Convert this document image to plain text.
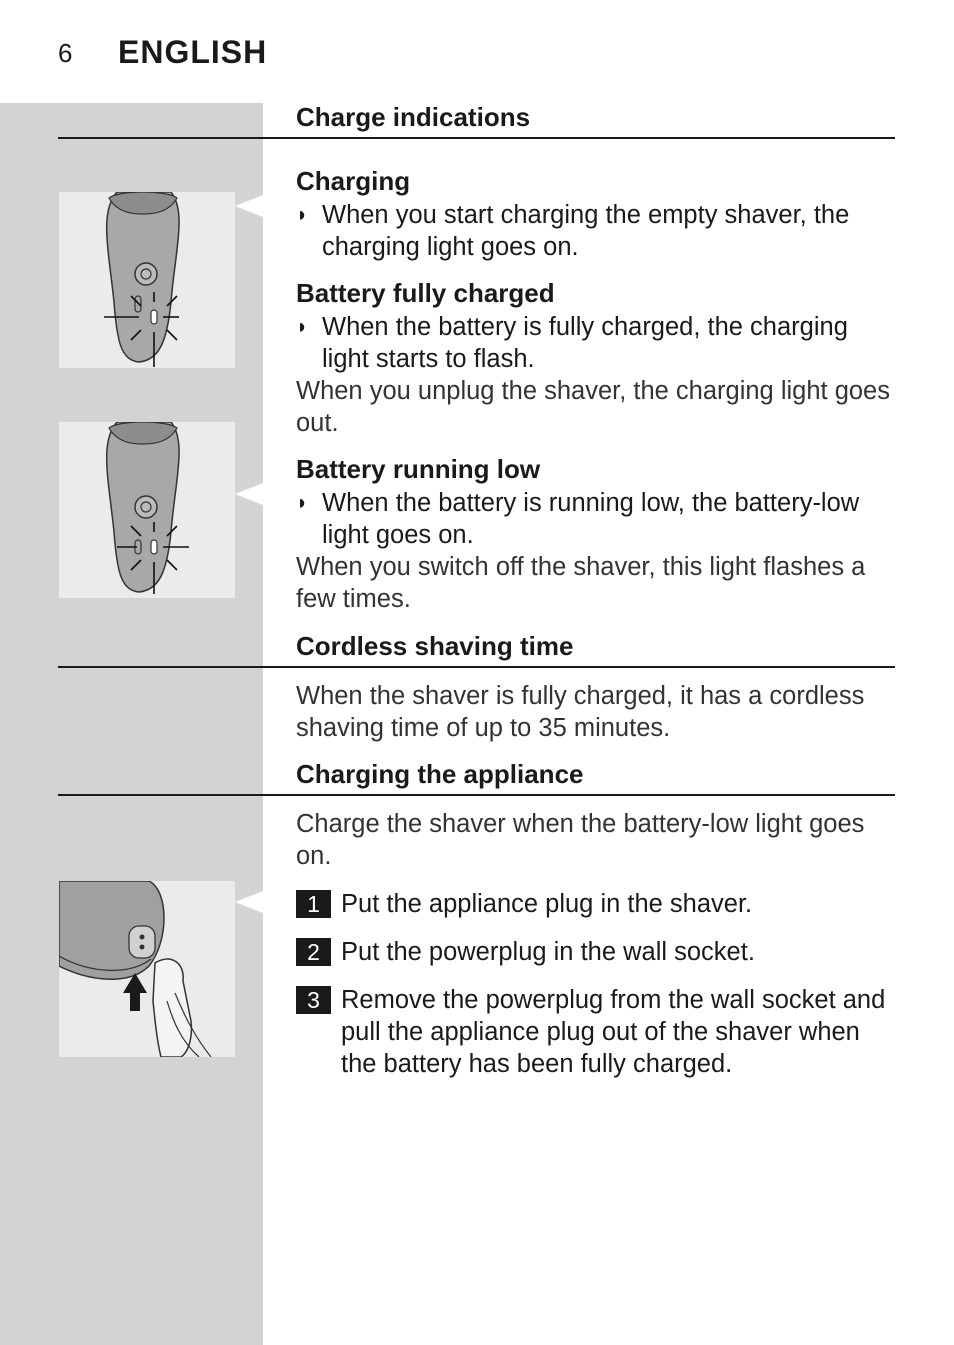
6 ENGLISH
Charge indications
Charging
◗ When you start charging the empty shaver, the charging light goes on.
Battery fully charged
◗ When the battery is fully charged, the charging light starts to flash.
When you unplug the shaver, the charging light goes out.
Battery running low
◗ When the battery is running low, the battery-low light goes on.
When you switch off the shaver, this light flashes a few times.
Cordless shaving time
When the shaver is fully charged, it has a cordless shaving time of up to 35 minutes.
Charging the appliance
Charge the shaver when the battery-low light goes on.
1 Put the appliance plug in the shaver.
2 Put the powerplug in the wall socket.
3 Remove the powerplug from the wall socket and pull the appliance plug out of the shaver when the battery has been fully charged.
